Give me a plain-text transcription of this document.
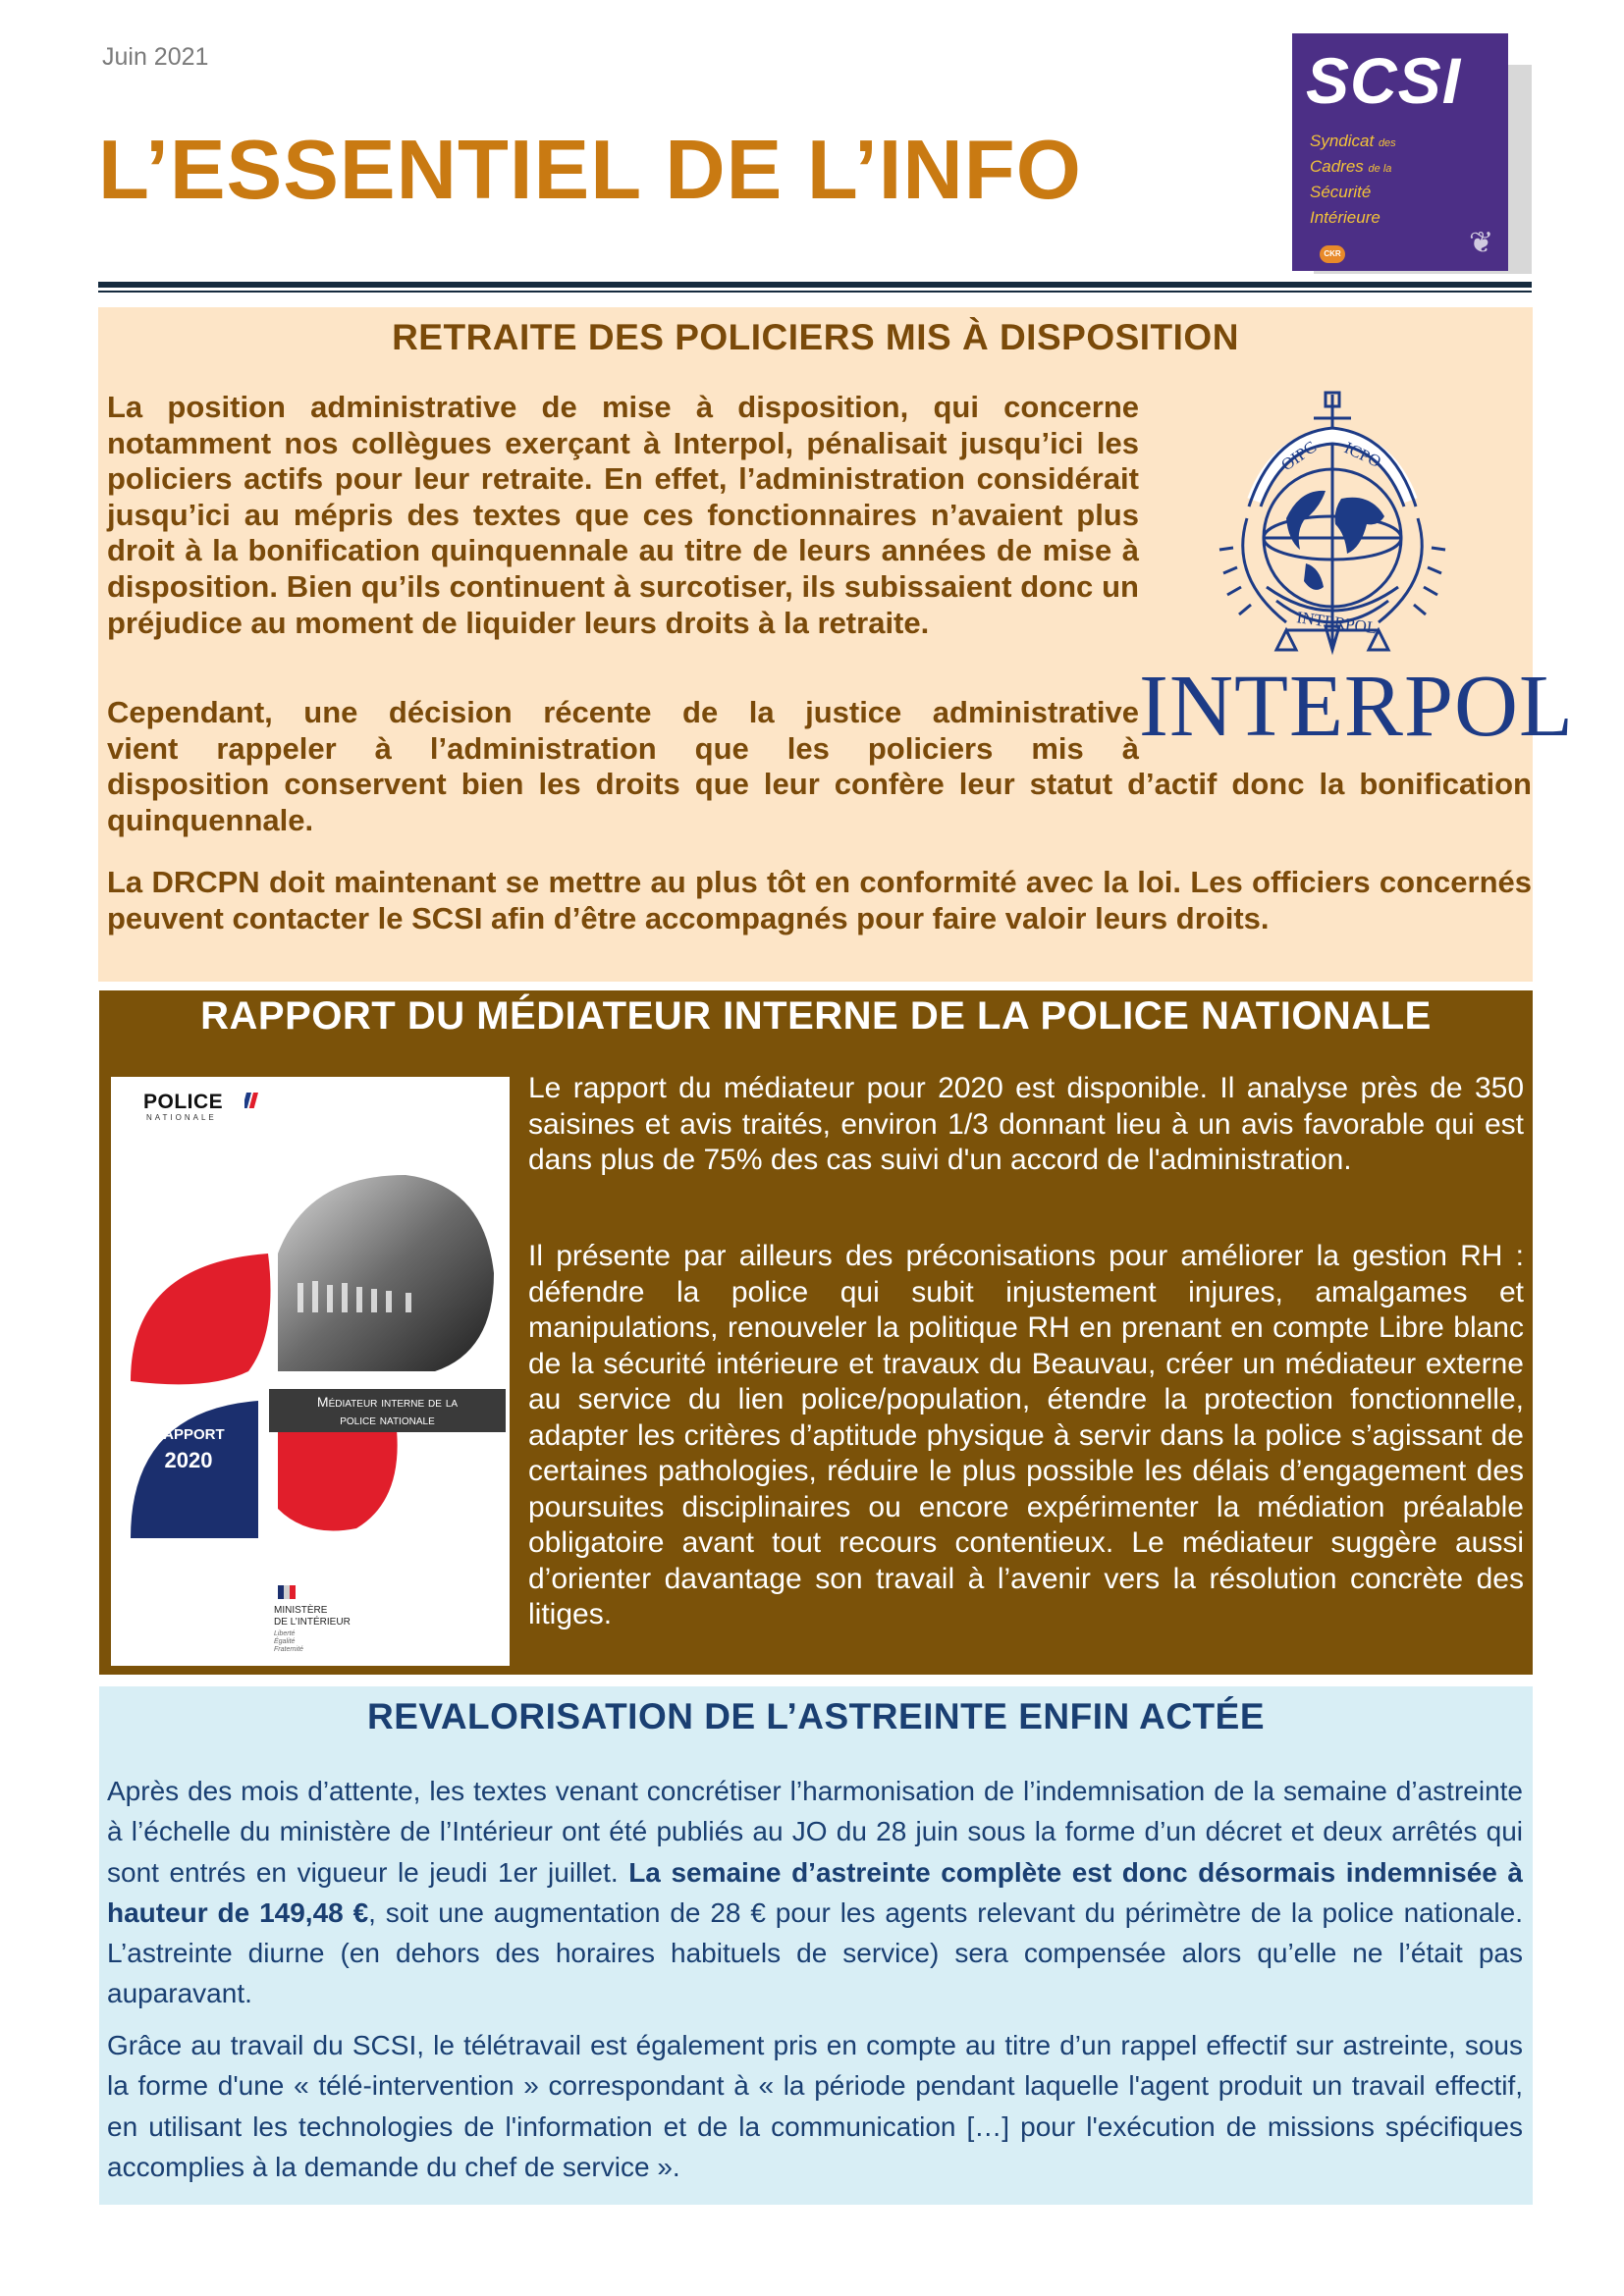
Juin 2021
L’ESSENTIEL DE L’INFO
SCSI
Syndicat des
Cadres de la
Sécurité
Intérieure
CKR	❦
RETRAITE DES POLICIERS MIS À DISPOSITION

La position administrative de mise à disposition, qui concerne notamment nos collègues exerçant à Interpol, pénalisait jusqu’ici les policiers actifs pour leur retraite. En effet, l’administration considérait jusqu’ici au mépris des textes que ces fonctionnaires n’avaient plus droit à la bonification quinquennale au titre de leurs années de mise à disposition. Bien qu’ils continuent à surcotiser, ils subissaient donc un préjudice au moment de liquider leurs droits à la retraite.

Cependant, une décision récente de la justice administrative
vient rappeler à l’administration que les policiers mis à
disposition conservent bien les droits que leur confère leur statut d’actif donc la bonification quinquennale.

La DRCPN doit maintenant se mettre au plus tôt en conformité avec la loi. Les officiers concernés peuvent contacter le SCSI afin d’être accompagnés pour faire valoir leurs droits.

OIPC ICPO
INTERPOL
INTERPOL
RAPPORT DU MÉDIATEUR INTERNE DE LA POLICE NATIONALE
POLICE
NATIONALE
Médiateur interne de la
police nationale
RAPPORT
2020
MINISTÈRE
DE L’INTÉRIEUR
Liberté
Égalité
Fraternité

Le rapport du médiateur pour 2020 est disponible. Il analyse près de 350 saisines et avis traités, environ 1/3 donnant lieu à un avis favorable qui est dans plus de 75% des cas suivi d'un accord de l'administration.

Il présente par ailleurs des préconisations pour améliorer la gestion RH : défendre la police qui subit injustement injures, amalgames et manipulations, renouveler la politique RH en prenant en compte Libre blanc de la sécurité intérieure et travaux du Beauvau, créer un médiateur externe au service du lien police/population, étendre la protection fonctionnelle, adapter les critères d’aptitude physique à servir dans la police s’agissant de certaines pathologies, réduire le plus possible les délais d’engagement des poursuites disciplinaires ou encore expérimenter la médiation préalable obligatoire avant tout recours contentieux. Le médiateur suggère aussi d’orienter davantage son travail à l’avenir vers la résolution concrète des litiges.

REVALORISATION DE L’ASTREINTE ENFIN ACTÉE

Après des mois d’attente, les textes venant concrétiser l’harmonisation de l’indemnisation de la semaine d’astreinte à l’échelle du ministère de l’Intérieur ont été publiés au JO du 28 juin sous la forme d’un décret et deux arrêtés qui sont entrés en vigueur le jeudi 1er juillet. La semaine d’astreinte complète est donc désormais indemnisée à hauteur de 149,48 €, soit une augmentation de 28 € pour les agents relevant du périmètre de la police nationale. L’astreinte diurne (en dehors des horaires habituels de service) sera compensée alors qu’elle ne l’était pas auparavant.

Grâce au travail du SCSI, le télétravail est également pris en compte au titre d’un rappel effectif sur astreinte, sous la forme d'une « télé-intervention » correspondant à « la période pendant laquelle l'agent produit un travail effectif, en utilisant les technologies de l'information et de la communication […] pour l'exécution de missions spécifiques accomplies à la demande du chef de service ».
